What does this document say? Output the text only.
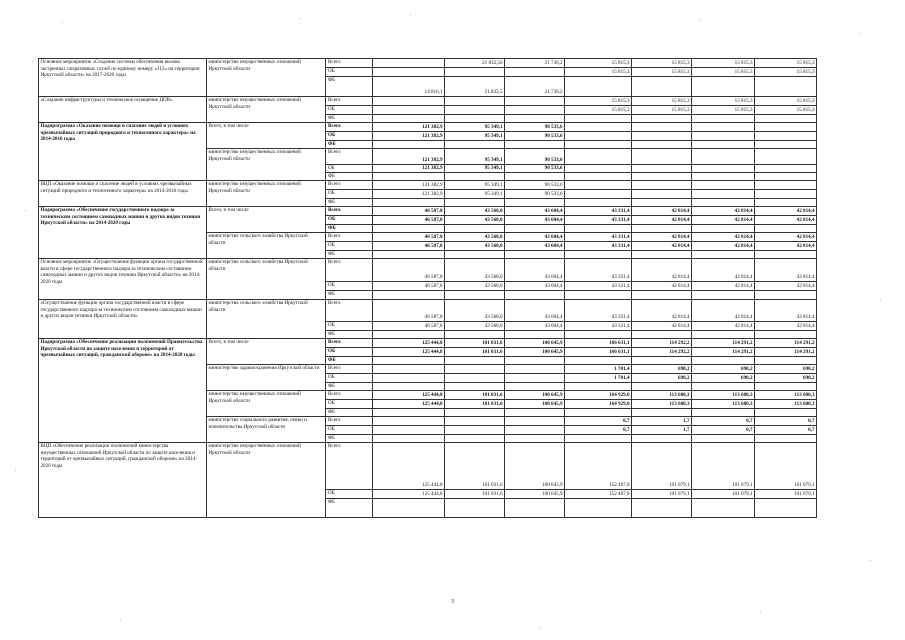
Основное мероприятие «Создание системы обеспечения вызова экстренных оперативных служб по единому номеру «112» на территории Иркутской области» на 2017-2020 годы	министерство имущественных отношений Иркутской области	Всего		21 832,50	21 736,2	15 815,3	15 815,3	15 815,3	15 815,3
		ОБ				15 815,3	15 815,3	15 815,3	15 815,3
		ФБ	14 816,1	21 832,5	21 736,2				
«Создание инфраструктуры и техническое оснащение ЦОВ»	министерство имущественных отношений Иркутской области	Всего				15 815,3	15 815,3	15 815,3	15 815,3
		ОБ				15 815,3	15 815,3	15 815,3	15 815,3
		ФБ							
Подпрограмма «Оказание помощи и спасение людей в условиях чрезвычайных ситуаций природного и техногенного характера» на 2014-2016 годы	Всего, в том числе	Всего	121 382,9	95 349,1	90 533,6				
		ОБ	121 382,9	95 349,1	90 533,6				
		ФБ							
	министерство имущественных отношений Иркутской области	Всего	121 382,9	95 349,1	90 533,6				
		ОБ	121 382,9	95 349,1	90 533,6				
		ФБ							
ВЦП «Оказание помощи и спасение людей в условиях чрезвычайных ситуаций природного и техногенного характера» на 2014-2016 годы	министерство имущественных отношений Иркутской области	Всего	121 382,9	95 349,1	90 533,6				
		ОБ	121 382,9	95 349,1	90 533,6				
		ФБ							
Подпрограмма «Обеспечение государственного надзора за техническим состоянием самоходных машин и других видов техники Иркутской области» на 2014-2020 годы	Всего, в том числе	Всего	46 587,8	43 568,0	43 604,4	43 331,4	42 814,4	42 814,4	42 814,4
		ОБ	46 587,8	43 568,0	43 604,4	43 331,4	42 814,4	42 814,4	42 814,4
		ФБ							
	министерство сельского хозяйства Иркутской области	Всего	46 587,8	43 568,0	43 604,4	43 331,4	42 814,4	42 814,4	42 814,4
		ОБ	46 587,8	43 568,0	43 604,4	43 331,4	42 814,4	42 814,4	42 814,4
		ФБ							
Основное мероприятие «Осуществление функции органа государственной власти в сфере государственного надзора за техническим состоянием самоходных машин и других видов техники Иркутской области» на 2014-2020 годы	министерство сельского хозяйства Иркутской области	Всего	46 587,8	43 568,0	43 604,4	43 331,4	42 814,4	42 814,4	42 814,4
		ОБ	46 587,8	43 568,0	43 604,4	43 331,4	42 814,4	42 814,4	42 814,4
		ФБ							
«Осуществление функции органа государственной власти в сфере государственного надзора за техническим состоянием самоходных машин и других видов техники Иркутской области»	министерство сельского хозяйства Иркутской области	Всего	46 587,8	43 568,0	43 604,4	43 331,4	42 814,4	42 814,4	42 814,4
		ОБ	46 587,8	43 568,0	43 604,4	43 331,4	42 814,4	42 814,4	42 814,4
		ФБ							
Подпрограмма «Обеспечение реализации полномочий Правительства Иркутской области по защите населения и территорий от чрезвычайных ситуаций, гражданской обороне» на 2014-2020 годы	Всего, в том числе	Всего	125 444,8	101 031,6	100 645,9	166 631,1	114 292,2	114 291,2	114 291,2
		ОБ	125 444,8	101 031,6	100 645,9	166 631,1	114 292,2	114 291,2	114 291,2
		ФБ							
	министерство здравоохранения Иркутской области	Всего				1 701,4	690,2	690,2	690,2
		ОБ				1 701,4	690,2	690,2	690,2
		ФБ							
	министерство имущественных отношений Иркутской области	Всего	125 444,8	101 031,6	100 645,9	164 929,0	113 600,3	113 600,3	113 600,3
		ОБ	125 444,8	101 031,6	100 645,9	164 929,0	113 600,3	113 600,3	113 600,3
		ФБ							
	министерство социального развития, опеки и попечительства Иркутской области	Всего				0,7	1,7	0,7	0,7
		ОБ				0,7	1,7	0,7	0,7
		ФБ							
ВЦП «Обеспечение реализации полномочий министерства имущественных отношений Иркутской области по защите населения и территорий от чрезвычайных ситуаций, гражданской обороне» на 2014-2020 годы	министерство имущественных отношений Иркутской области	Всего	125 444,8	101 031,6	100 645,9	152 407,8	101 079,1	101 079,1	101 079,1
		ОБ	125 444,8	101 031,6	100 645,9	152 407,8	101 079,1	101 079,1	101 079,1
		ФБ							
3
